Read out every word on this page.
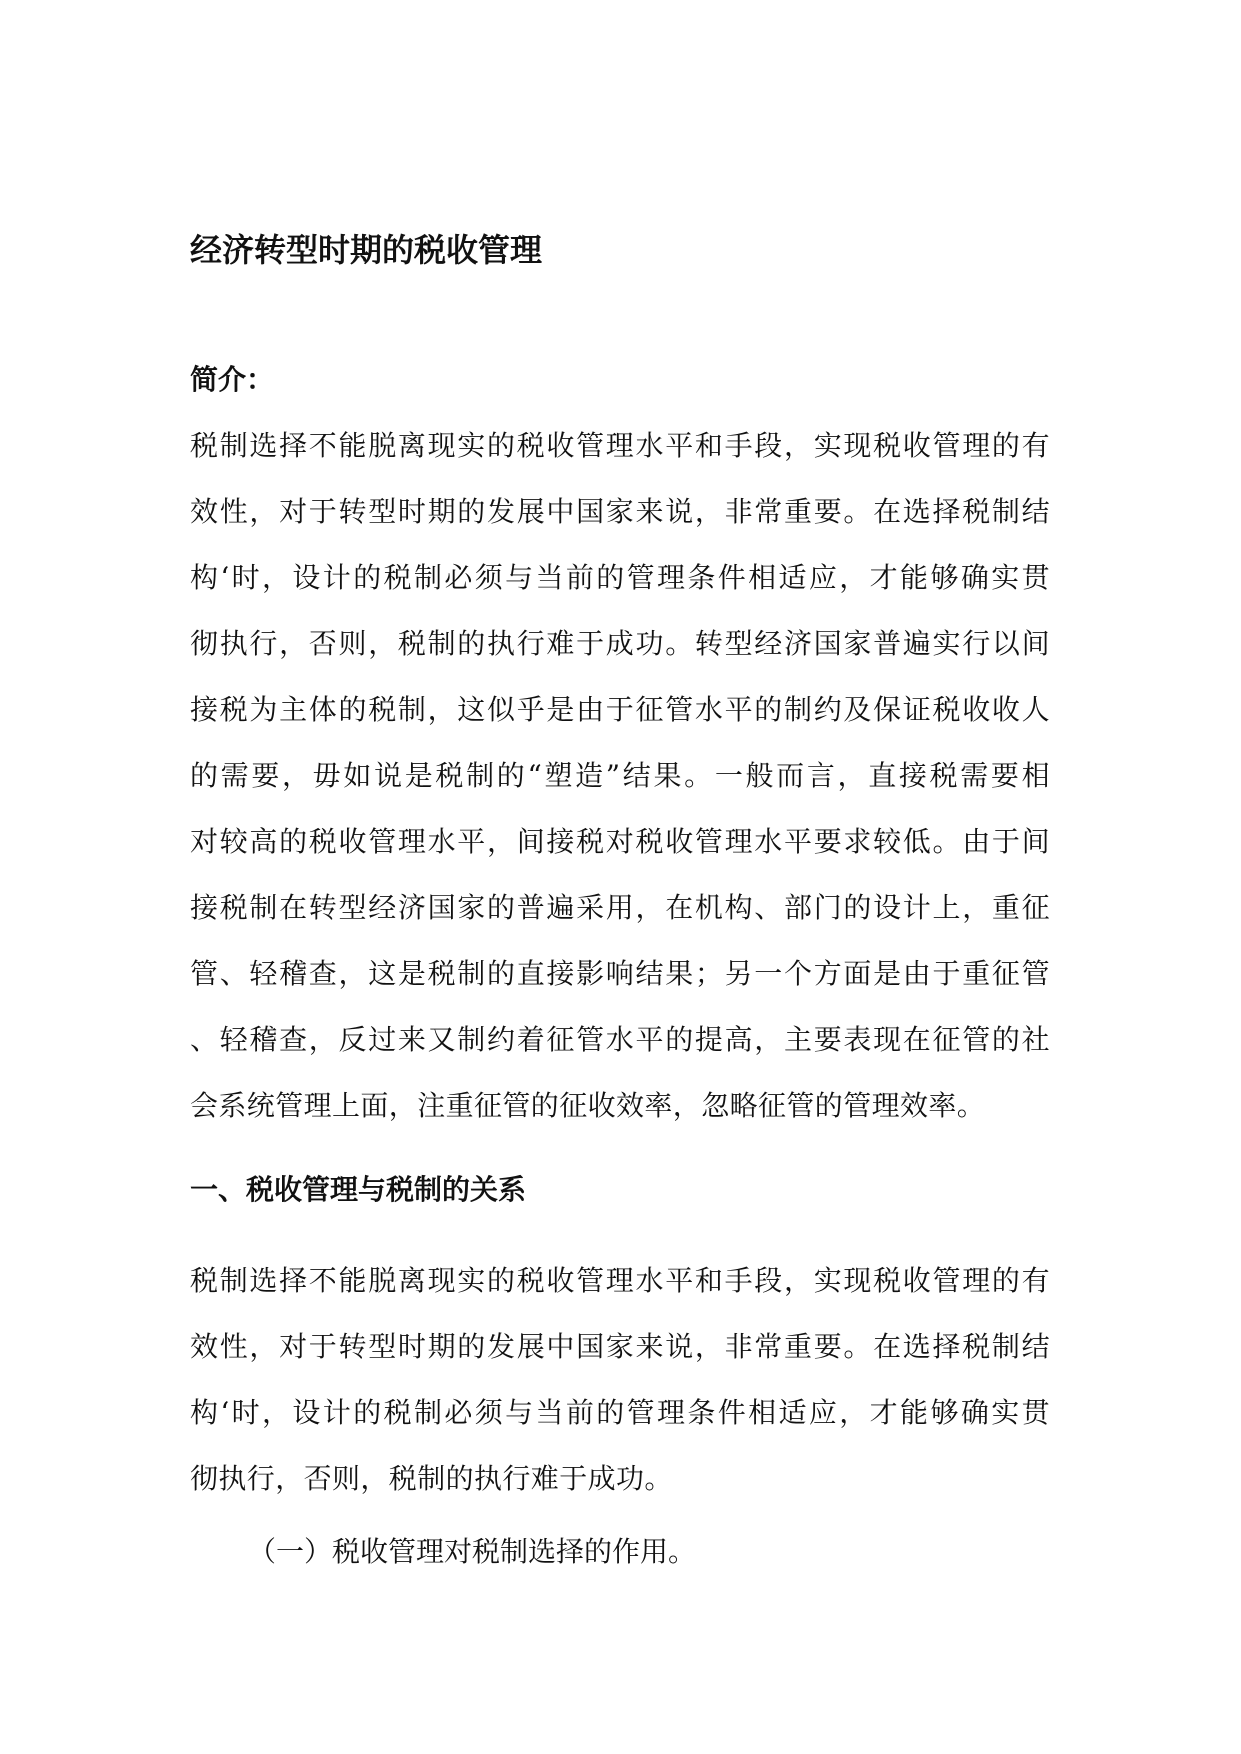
经济转型时期的税收管理
简介：
税制选择不能脱离现实的税收管理水平和手段，实现税收管理的有
效性，对于转型时期的发展中国家来说，非常重要。在选择税制结
构‘时，设计的税制必须与当前的管理条件相适应，才能够确实贯
彻执行，否则，税制的执行难于成功。转型经济国家普遍实行以间
接税为主体的税制，这似乎是由于征管水平的制约及保证税收收人
的需要，毋如说是税制的“塑造”结果。一般而言，直接税需要相
对较高的税收管理水平，间接税对税收管理水平要求较低。由于间
接税制在转型经济国家的普遍采用，在机构、部门的设计上，重征
管、轻稽查，这是税制的直接影响结果；另一个方面是由于重征管
、轻稽查，反过来又制约着征管水平的提高，主要表现在征管的社
会系统管理上面，注重征管的征收效率，忽略征管的管理效率。
一、税收管理与税制的关系
税制选择不能脱离现实的税收管理水平和手段，实现税收管理的有
效性，对于转型时期的发展中国家来说，非常重要。在选择税制结
构‘时，设计的税制必须与当前的管理条件相适应，才能够确实贯
彻执行，否则，税制的执行难于成功。

（一）税收管理对税制选择的作用。
